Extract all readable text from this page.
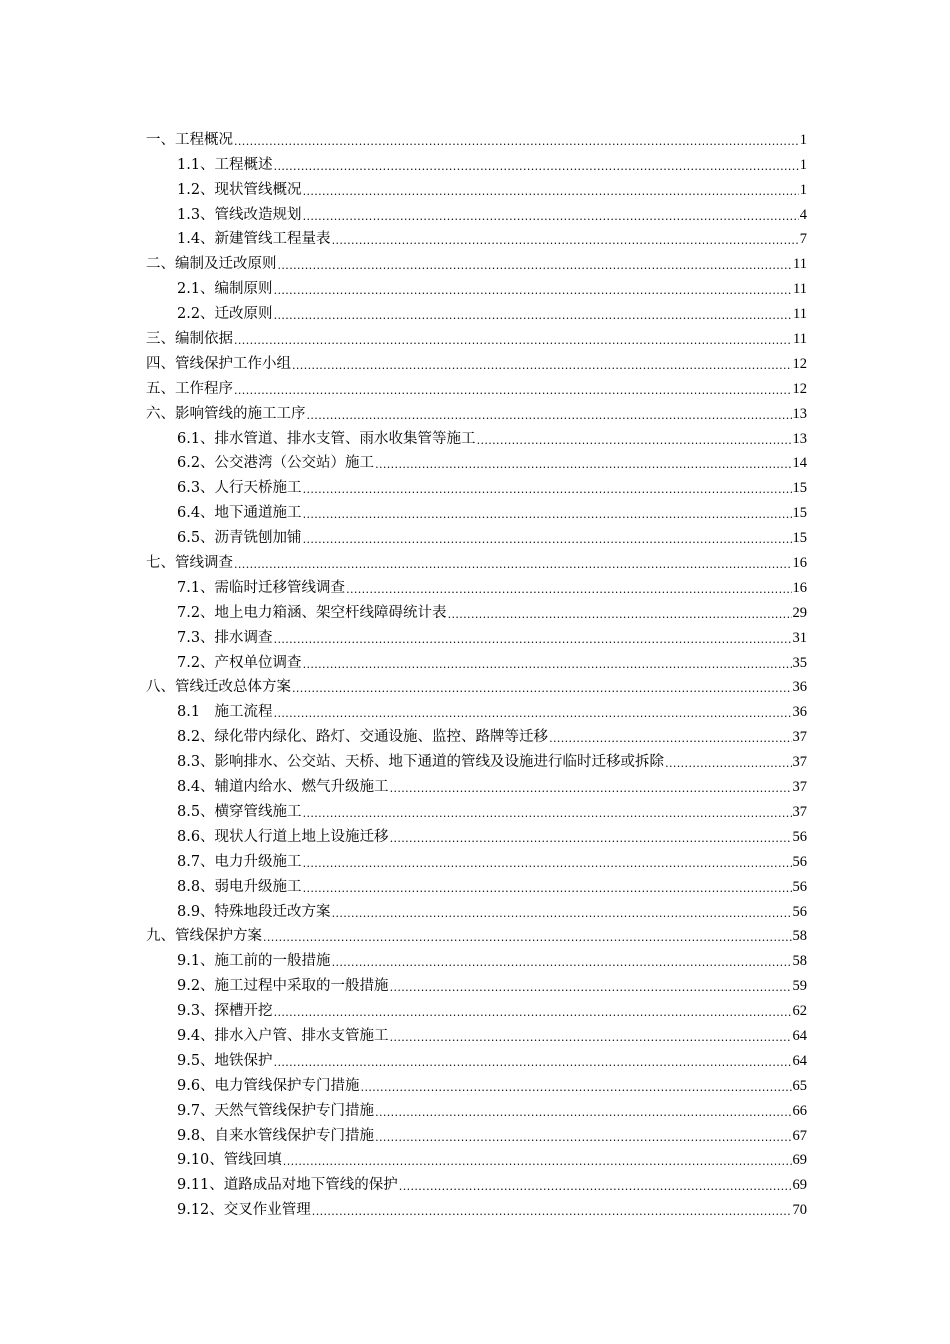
一、工程概况 .....	1
1.1、工程概述 .....	1
1.2、现状管线概况 .....	1
1.3、管线改造规划 .....	4
1.4、新建管线工程量表 .....	7
二、编制及迁改原则 .....	11
2.1、编制原则 .....	11
2.2、迁改原则 .....	11
三、编制依据 .....	11
四、管线保护工作小组 .....	12
五、工作程序 .....	12
六、影响管线的施工工序 .....	13
6.1、排水管道、排水支管、雨水收集管等施工 .....	13
6.2、公交港湾（公交站）施工 .....	14
6.3、人行天桥施工 .....	15
6.4、地下通道施工 .....	15
6.5、沥青铣刨加铺 .....	15
七、管线调查 .....	16
7.1、需临时迁移管线调查 .....	16
7.2、地上电力箱涵、架空杆线障碍统计表 .....	29
7.3、排水调查 .....	31
7.2、产权单位调查 .....	35
八、管线迁改总体方案 .....	36
8.1　施工流程 .....	36
8.2、绿化带内绿化、路灯、交通设施、监控、路牌等迁移 .....	37
8.3、影响排水、公交站、天桥、地下通道的管线及设施进行临时迁移或拆除 .....	37
8.4、辅道内给水、燃气升级施工 .....	37
8.5、横穿管线施工 .....	37
8.6、现状人行道上地上设施迁移 .....	56
8.7、电力升级施工 .....	56
8.8、弱电升级施工 .....	56
8.9、特殊地段迁改方案 .....	56
九、管线保护方案 .....	58
9.1、施工前的一般措施 .....	58
9.2、施工过程中采取的一般措施 .....	59
9.3、探槽开挖 .....	62
9.4、排水入户管、排水支管施工 .....	64
9.5、地铁保护 .....	64
9.6、电力管线保护专门措施 .....	65
9.7、天然气管线保护专门措施 .....	66
9.8、自来水管线保护专门措施 .....	67
9.10、管线回填 .....	69
9.11、道路成品对地下管线的保护 .....	69
9.12、交叉作业管理 .....	70
